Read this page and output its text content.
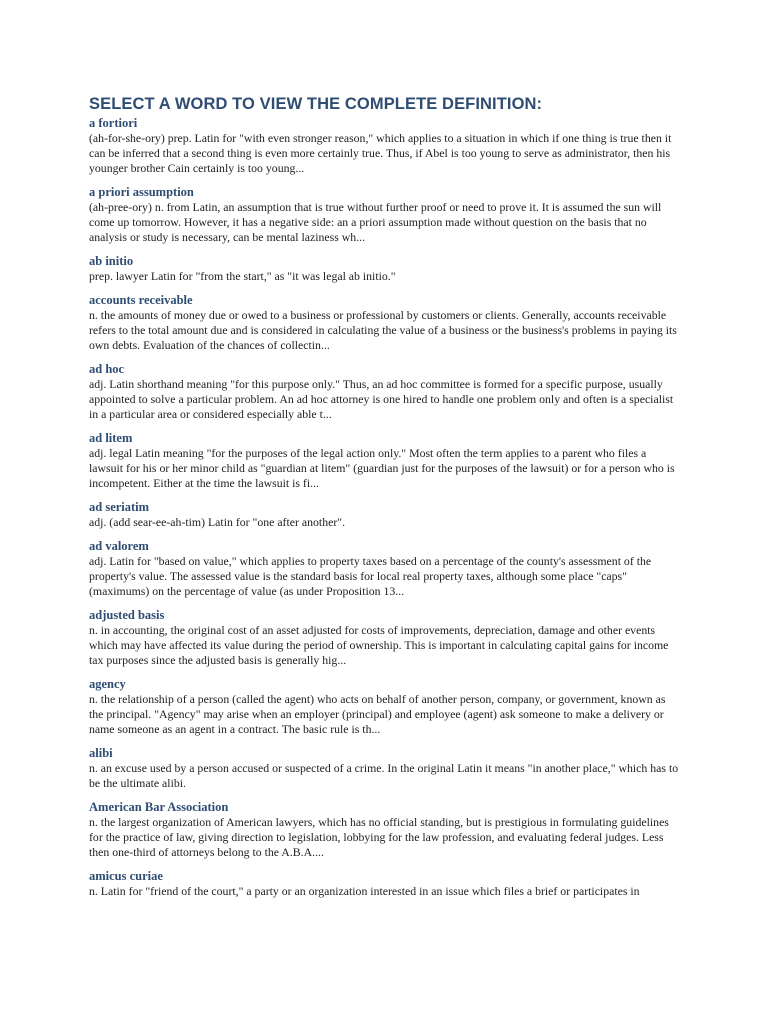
SELECT A WORD TO VIEW THE COMPLETE DEFINITION:
a fortiori

(ah-for-she-ory) prep. Latin for "with even stronger reason," which applies to a situation in which if one thing is true then it can be inferred that a second thing is even more certainly true. Thus, if Abel is too young to serve as administrator, then his younger brother Cain certainly is too young...

a priori assumption

(ah-pree-ory) n. from Latin, an assumption that is true without further proof or need to prove it. It is assumed the sun will come up tomorrow. However, it has a negative side: an a priori assumption made without question on the basis that no analysis or study is necessary, can be mental laziness wh...

ab initio

prep. lawyer Latin for "from the start," as "it was legal ab initio."

accounts receivable

n. the amounts of money due or owed to a business or professional by customers or clients. Generally, accounts receivable refers to the total amount due and is considered in calculating the value of a business or the business's problems in paying its own debts. Evaluation of the chances of collectin...

ad hoc

adj. Latin shorthand meaning "for this purpose only." Thus, an ad hoc committee is formed for a specific purpose, usually appointed to solve a particular problem. An ad hoc attorney is one hired to handle one problem only and often is a specialist in a particular area or considered especially able t...

ad litem

adj. legal Latin meaning "for the purposes of the legal action only." Most often the term applies to a parent who files a lawsuit for his or her minor child as "guardian at litem" (guardian just for the purposes of the lawsuit) or for a person who is incompetent. Either at the time the lawsuit is fi...

ad seriatim

adj. (add sear-ee-ah-tim) Latin for "one after another".

ad valorem

adj. Latin for "based on value," which applies to property taxes based on a percentage of the county's assessment of the property's value. The assessed value is the standard basis for local real property taxes, although some place "caps" (maximums) on the percentage of value (as under Proposition 13...

adjusted basis

n. in accounting, the original cost of an asset adjusted for costs of improvements, depreciation, damage and other events which may have affected its value during the period of ownership. This is important in calculating capital gains for income tax purposes since the adjusted basis is generally hig...

agency

n. the relationship of a person (called the agent) who acts on behalf of another person, company, or government, known as the principal. "Agency" may arise when an employer (principal) and employee (agent) ask someone to make a delivery or name someone as an agent in a contract. The basic rule is th...

alibi

n. an excuse used by a person accused or suspected of a crime. In the original Latin it means "in another place," which has to be the ultimate alibi.

American Bar Association

n. the largest organization of American lawyers, which has no official standing, but is prestigious in formulating guidelines for the practice of law, giving direction to legislation, lobbying for the law profession, and evaluating federal judges. Less then one-third of attorneys belong to the A.B.A....

amicus curiae

n. Latin for "friend of the court," a party or an organization interested in an issue which files a brief or participates in
